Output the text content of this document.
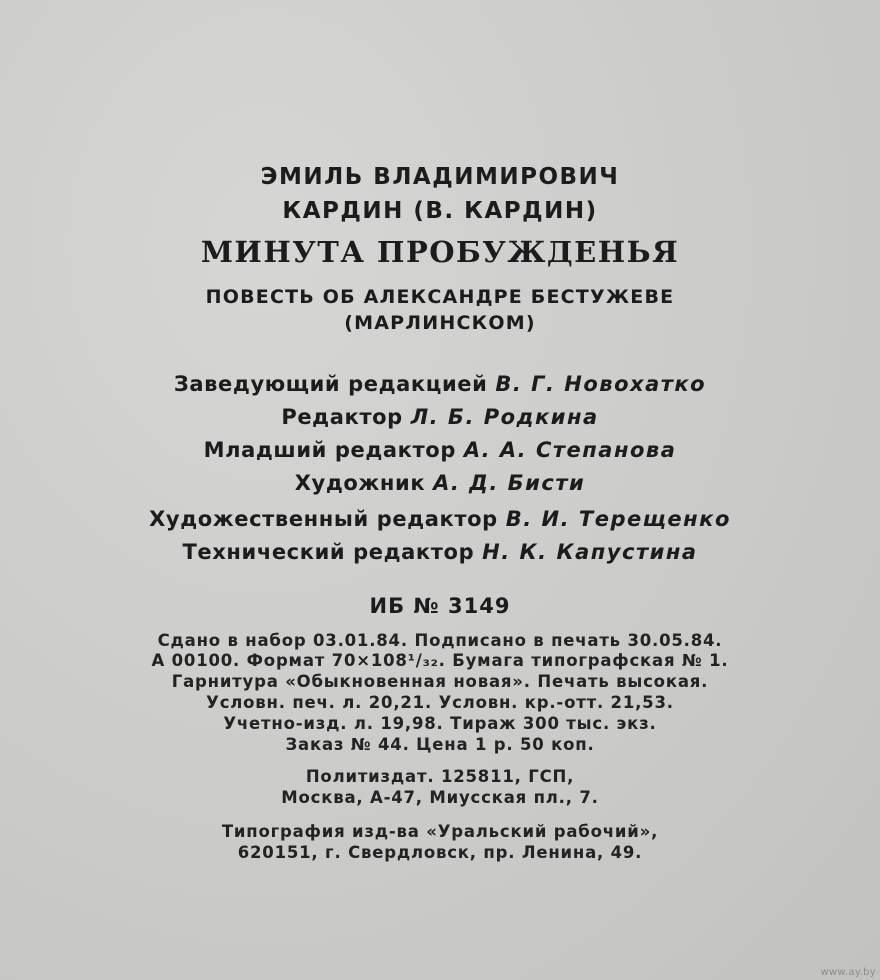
ЭМИЛЬ ВЛАДИМИРОВИЧ
КАРДИН (В. КАРДИН)
МИНУТА ПРОБУЖДЕНЬЯ
ПОВЕСТЬ ОБ АЛЕКСАНДРЕ БЕСТУЖЕВЕ
(МАРЛИНСКОМ)
Заведующий редакцией В. Г. Новохатко
Редактор Л. Б. Родкина
Младший редактор А. А. Степанова
Художник А. Д. Бисти
Художественный редактор В. И. Терещенко
Технический редактор Н. К. Капустина
ИБ № 3149
Сдано в набор 03.01.84. Подписано в печать 30.05.84.
А 00100. Формат 70×108¹/₃₂. Бумага типографская № 1.
Гарнитура «Обыкновенная новая». Печать высокая.
Условн. печ. л. 20,21. Условн. кр.-отт. 21,53.
Учетно-изд. л. 19,98. Тираж 300 тыс. экз.
Заказ № 44. Цена 1 р. 50 коп.
Политиздат. 125811, ГСП,
Москва, А-47, Миусская пл., 7.
Типография изд-ва «Уральский рабочий»,
620151, г. Свердловск, пр. Ленина, 49.
www.ay.by
